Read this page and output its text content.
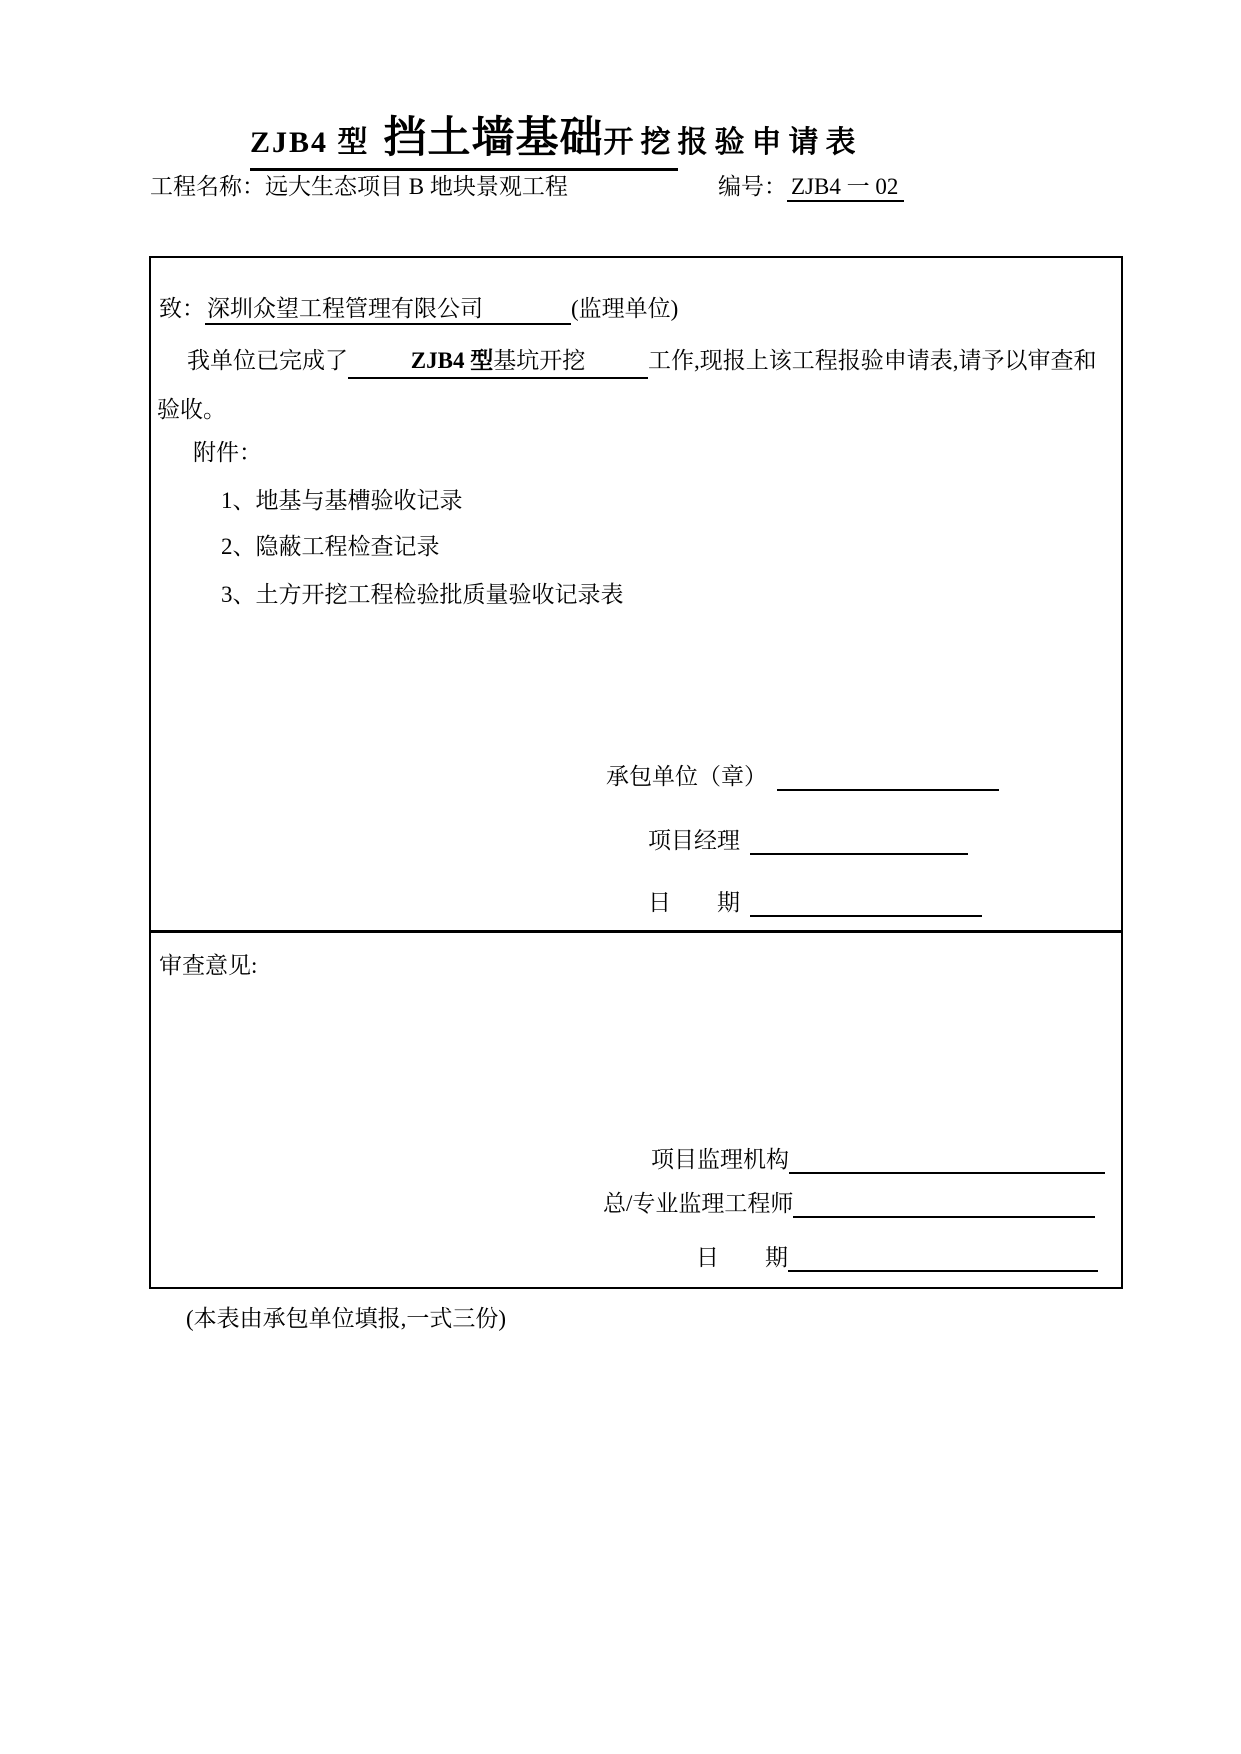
ZJB4 型 挡土墙基础 开挖 报验申请表
工程名称：远大生态项目 B 地块景观工程	编号： ZJB4 一 02
致：深圳众望工程管理有限公司	(监理单位)
我单位已完成了	ZJB4 型基坑开挖	工作,现报上该工程报验申请表,请予以审查和
验收。
附件：
1、地基与基槽验收记录
2、隐蔽工程检查记录
3、土方开挖工程检验批质量验收记录表
承包单位（章）
项目经理
日　　期
审查意见:
项目监理机构
总/专业监理工程师
日　　期
(本表由承包单位填报,一式三份)
